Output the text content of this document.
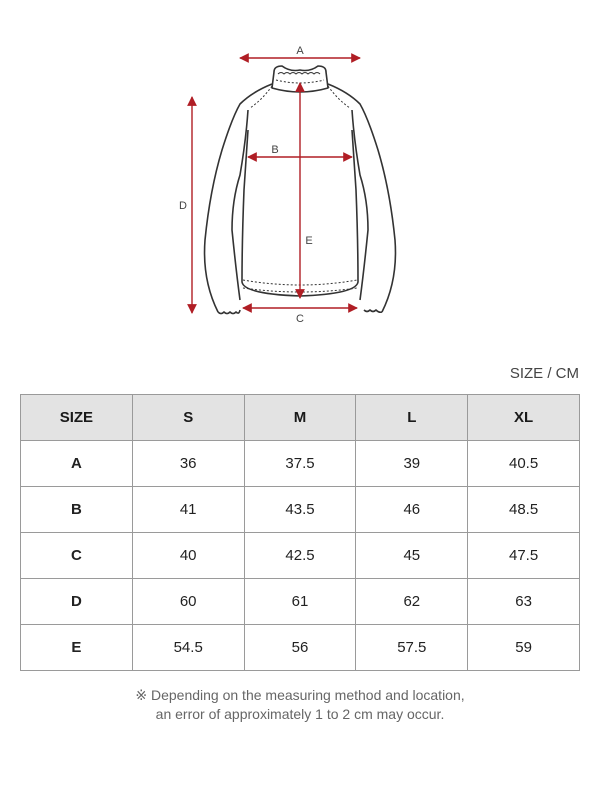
A
B
C
D
E
SIZE / CM
SIZE	S	M	L	XL
A	36	37.5	39	40.5
B	41	43.5	46	48.5
C	40	42.5	45	47.5
D	60	61	62	63
E	54.5	56	57.5	59
※ Depending on the measuring method and location,
an error of approximately 1 to 2 cm may occur.
